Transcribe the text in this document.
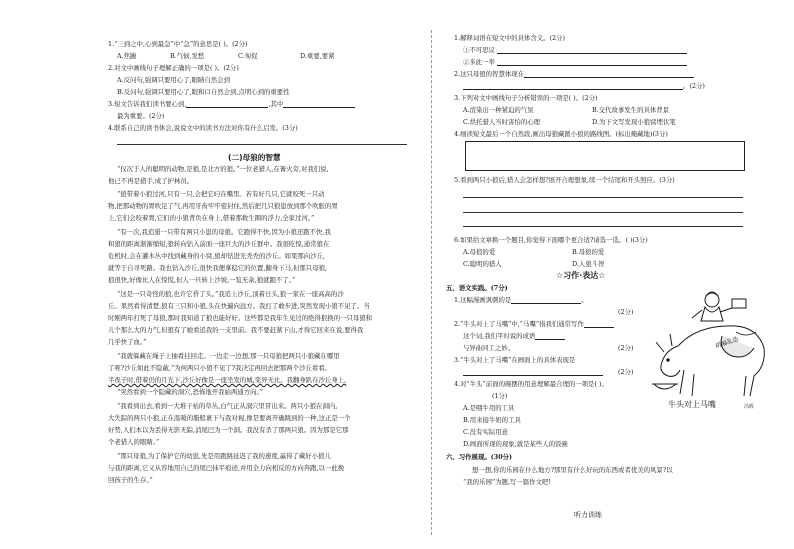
1.“三到之中,心到最急”中“急”的意思是( )。(2分)
A.焦躁	B.气恼,发愁	C.匆促	D.重要,要紧
2.对文中画线句子理解正确的一项是( )。(2分)
A.反问句,强调只要用心了,眼睛自然会到
B.反问句,强调只要用心了,眼和口自然会到,点明心到的重要性
3.短文告诉我们读书要心到,	,其中
最为重要。(2分)
4.联系自己的读书体会,说说文中的读书方法对你有什么启发。(3分)
(二)母狼的智慧
“仅次于人的聪明的动物,是狼,是北方的狼。”一位老猎人,在篝火旁,对我们说,
他已不再是猎手,成了护林员。
“狼带着小狼过河,只有一只,会把它叼在嘴里。若有好几只,它就咬死一只动
物,把那动物的胃吹足了气,再用牙齿牢牢密封住,然后把几只狼崽放到那个吹胀的胃
上,它们会咬着胃,它们的小狼背负在身上,借着那救生圈的浮力,全家过河。”
“有一次,我追猎一只带有两只小崽的母狼。它跑得不快,因为小狼还跑不快,我
和狼的距离渐渐缩短,狼转向钻入前面一座巨大的沙丘群中。我很吃惊,通常狼在
危机时,会在灌木丛中找到藏身的小窝,狼却钻进光秃秃的沙丘。如果那向沙丘,
就等于自寻死路。我也钻入沙丘,很快我便拿稳它的位置,翻身下马,但那只母狼,
狼很快,好像比人在惊慌,但人一旦转上沙坡,一览无余,狼就跑不了。”
“这是一只奇怪的狼,也许它昏了头。”我追上沙丘,顶着日头,狼一家在一座高高的沙
丘。果然看得清楚,狼有三只和小狼,头在快遍向远方。我打了敢步进,突然发现小狼不见了。当
时刚两年打死了母狼,那时我知道了狼也能好好。这些都是我年生见过的绝得狠换的一只母狼和
儿个那么大的力气,但狼有了她看追我的一支里前。我不要赶紧下山,才得它回来在说,要得我
几乎快了血。”
“我就躲藏在绳子上抽看挂回走。一边走一边想,那一只母狼把两只小狼藏在哪里
了呢?沙丘如此不隐蔽,”为何两只小狼不见了?我决定再回去把那两个沙丘看看。
半夜子时,借着仍的月光下,沙丘好像是一座坐发的城,变异无比。我翻身趴在沙丘身上,
“突然看到一个隐藏的洞穴,恐怖地开我始两通方向。”
“我看到出去,看到一大堆干枯的草丛,白气正从洞穴里冒出来。两只小狼在洞内,
大失踪的两只小狼,正在温暖的脂般裹下与我对视,像是要离开确跳到的一种,这正是一个
好势,人们本以为丢得无影无踪,消尾巴为一个洞。我没有杀了那两只狼。因为那是它那
个老猎人的眼睛。”
“那只母狼,为了保护它的幼崽,先是用跑跳延迟了我的速度,赢得了藏好小狼儿
与我的距离,它又从容地用自己的尾巴抹平痕迹,并用全力向相反的方向奔跑,以一此挽
回孩子的生存。”
1.解释词语在短文中的具体含义。(2分)
①不可思议
②多此一举
2.这只母狼的智慧体现在
。(2分)
3.下列对文中画线句子分析错误的一项是( )。(2分)
A.渲染出一种紧迫的气氛	B.交代故事发生的具体背景
C.烘托猎人当时害怕的心理	D.为下文写发现小狼窝埋伏笔
4.细读短文最后一个自然段,画出母狼藏匿小狼的路线图。(标出掩藏地)(3分)
5.看到两只小狼后,猎人会怎样想?展开合理想象,续一个结尾和开头照应。(3分)
6.如果给文章换一个题目,你觉得下面哪个更合适?请选一选。( )(3分)
A.母狼的爱	B.母狼的爱
C.聪明的猎人	D.人狼斗智
☆习作·表达☆
五、语文实践。(7分)
1.这幅漫画讽刺的是	。
(2分)
2.“牛头对上了马嘴”中,“马嘴”指我们通常写作
这个词,我们平时说的成语
与异曲同工之妙。	(2分)
3.“牛头对上了马嘴”在画面上的具体表现是
(2分)
4.对“牛头”前面的碗摆的用意理解最合理的一项是( )。
(1分)
A.是喂牛用的工具
B.用来接牛奶的工具
C.没有实际用意
D.画面所现的现象,就是某些人的饭碗
胡编乱造
牛头对上马嘴	冯晖
六、习作展现。(30分)
想一想,你的乐园在什么地方?那里有什么好玩的东西或者优美的风景?以
“我的乐园”为题,写一篇作文吧!
听力训练
